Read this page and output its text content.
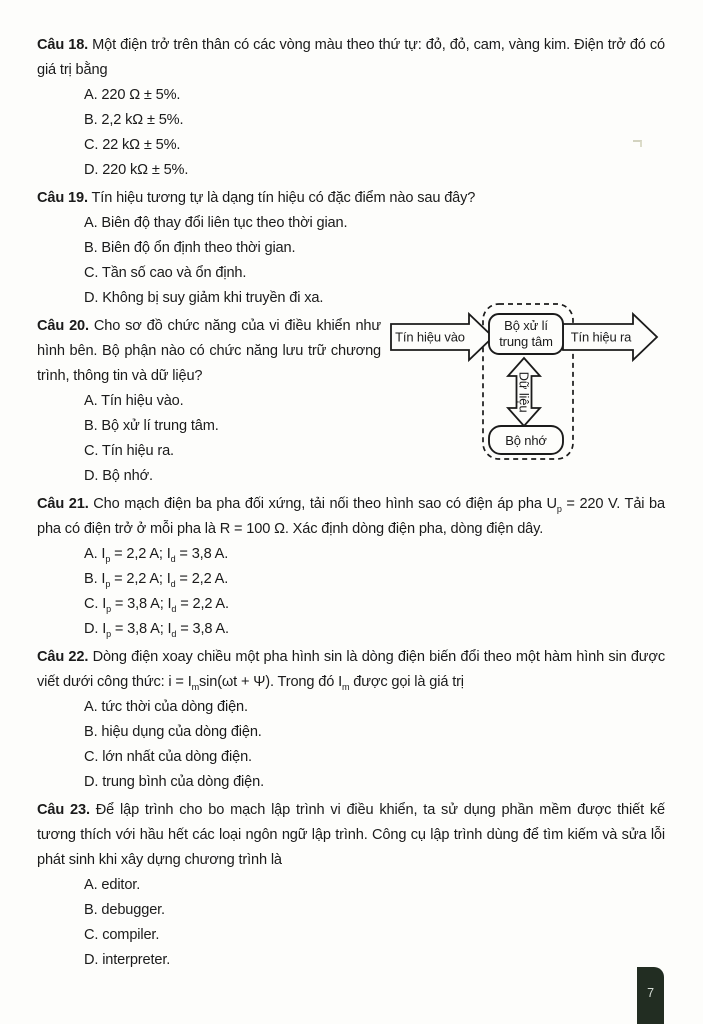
Câu 18. Một điện trở trên thân có các vòng màu theo thứ tự: đỏ, đỏ, cam, vàng kim. Điện trở đó có giá trị bằng

A. 220 Ω ± 5%.
B. 2,2 kΩ ± 5%.
C. 22 kΩ ± 5%.
D. 220 kΩ ± 5%.

Câu 19. Tín hiệu tương tự là dạng tín hiệu có đặc điểm nào sau đây?

A. Biên độ thay đổi liên tục theo thời gian.
B. Biên độ ổn định theo thời gian.
C. Tần số cao và ổn định.
D. Không bị suy giảm khi truyền đi xa.
Tín hiệu vào	Tín hiệu ra
Dữ liệu
Bộ xử lí
trung tâm
Bộ nhớ

Câu 20. Cho sơ đồ chức năng của vi điều khiển như hình bên. Bộ phận nào có chức năng lưu trữ chương trình, thông tin và dữ liệu?

A. Tín hiệu vào.
B. Bộ xử lí trung tâm.
C. Tín hiệu ra.
D. Bộ nhớ.

Câu 21. Cho mạch điện ba pha đối xứng, tải nối theo hình sao có điện áp pha $U_p = 220$ V. Tải ba pha có điện trở ở mỗi pha là R = 100 Ω. Xác định dòng điện pha, dòng điện dây.

A. $I_p = 2,2$ A; $I_d = 3,8$ A.
B. $I_p = 2,2$ A; $I_d = 2,2$ A.
C. $I_p = 3,8$ A; $I_d = 2,2$ A.
D. $I_p = 3,8$ A; $I_d = 3,8$ A.

Câu 22. Dòng điện xoay chiều một pha hình sin là dòng điện biến đổi theo một hàm hình sin được viết dưới công thức: $i = I_m\sin(\omega t + \Psi)$. Trong đó $I_m$ được gọi là giá trị

A. tức thời của dòng điện.
B. hiệu dụng của dòng điện.
C. lớn nhất của dòng điện.
D. trung bình của dòng điện.

Câu 23. Để lập trình cho bo mạch lập trình vi điều khiển, ta sử dụng phần mềm được thiết kế tương thích với hầu hết các loại ngôn ngữ lập trình. Công cụ lập trình dùng để tìm kiếm và sửa lỗi phát sinh khi xây dựng chương trình là

A. editor.
B. debugger.
C. compiler.
D. interpreter.
7
